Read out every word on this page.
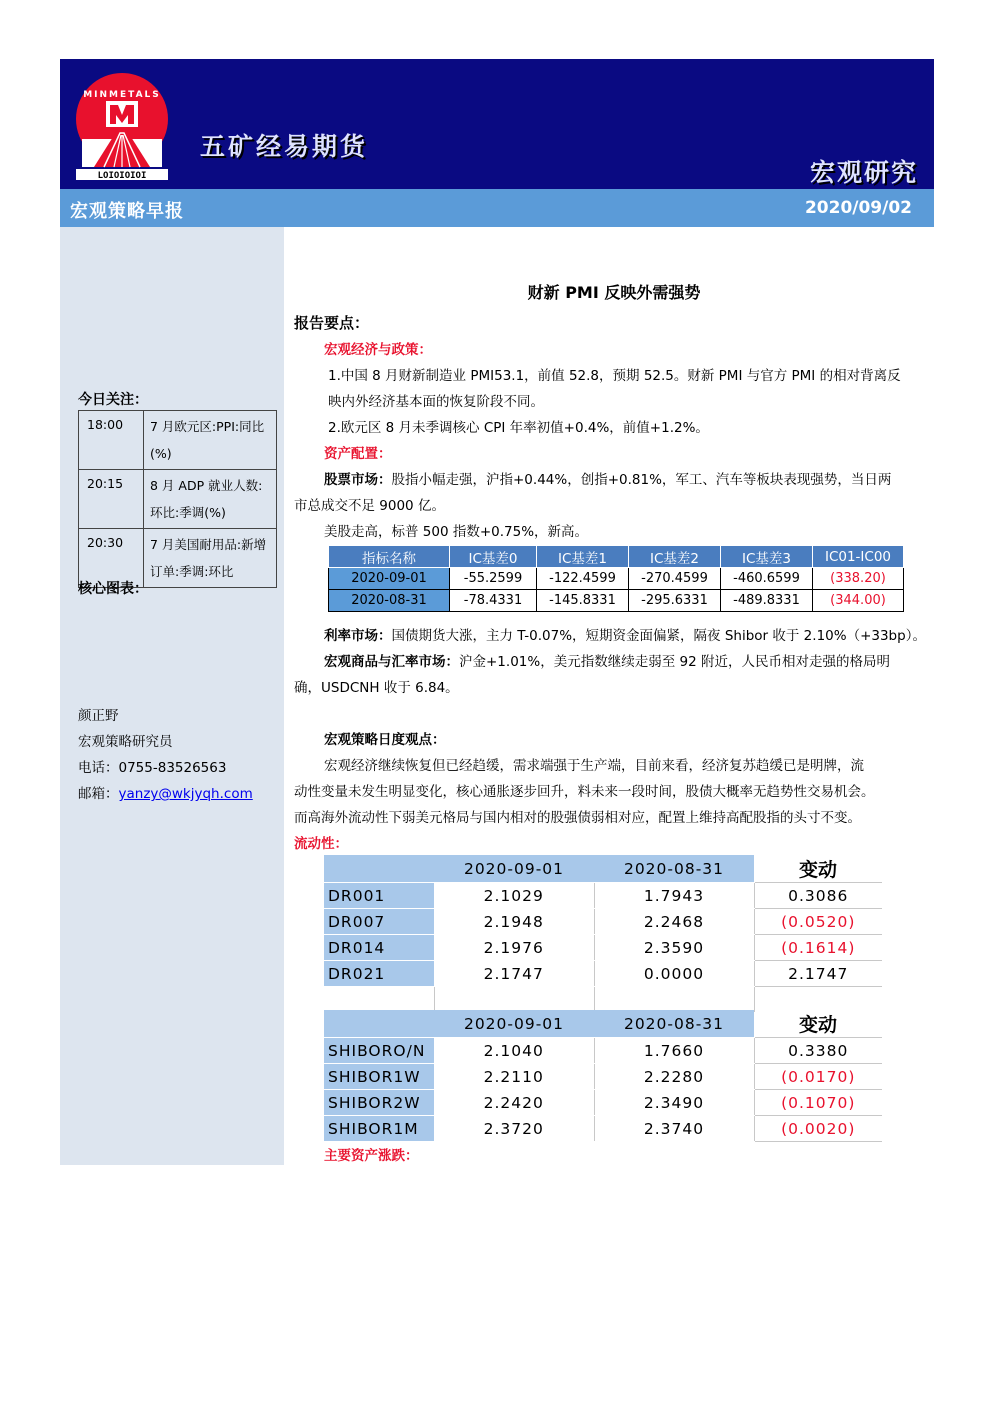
MINMETALS
LOIOIOIOI
五矿经易期货
宏观研究
宏观策略早报	2020/09/02
今日关注：
18:00	7 月欧元区:PPI:同比(%)
20:15	8 月 ADP 就业人数:环比:季调(%)
20:30	7 月美国耐用品:新增订单:季调:环比
核心图表：
颜正野
宏观策略研究员
电话：0755-83526563
邮箱：yanzy@wkjyqh.com
财新 PMI 反映外需强势
报告要点：
宏观经济与政策：
1.中国 8 月财新制造业 PMI53.1，前值 52.8，预期 52.5。财新 PMI 与官方 PMI 的相对背离反
映内外经济基本面的恢复阶段不同。
2.欧元区 8 月未季调核心 CPI 年率初值+0.4%，前值+1.2%。
资产配置：
股票市场：股指小幅走强，沪指+0.44%，创指+0.81%，军工、汽车等板块表现强势，当日两
市总成交不足 9000 亿。
美股走高，标普 500 指数+0.75%，新高。
指标名称	IC基差0	IC基差1	IC基差2	IC基差3	IC01-IC00
2020-09-01	-55.2599	-122.4599	-270.4599	-460.6599	(338.20)
2020-08-31	-78.4331	-145.8331	-295.6331	-489.8331	(344.00)
利率市场：国债期货大涨，主力 T-0.07%，短期资金面偏紧，隔夜 Shibor 收于 2.10%（+33bp）。
宏观商品与汇率市场：沪金+1.01%，美元指数继续走弱至 92 附近，人民币相对走强的格局明
确，USDCNH 收于 6.84。
宏观策略日度观点：
宏观经济继续恢复但已经趋缓，需求端强于生产端，目前来看，经济复苏趋缓已是明牌，流
动性变量未发生明显变化，核心通胀逐步回升，料未来一段时间，股债大概率无趋势性交易机会。
而高海外流动性下弱美元格局与国内相对的股强债弱相对应，配置上维持高配股指的头寸不变。
流动性：
	2020-09-01	2020-08-31	变动
DR001	2.1029	1.7943	0.3086
DR007	2.1948	2.2468	(0.0520)
DR014	2.1976	2.3590	(0.1614)
DR021	2.1747	0.0000	2.1747

	2020-09-01	2020-08-31	变动
SHIBORO/N	2.1040	1.7660	0.3380
SHIBOR1W	2.2110	2.2280	(0.0170)
SHIBOR2W	2.2420	2.3490	(0.1070)
SHIBOR1M	2.3720	2.3740	(0.0020)
主要资产涨跌：
